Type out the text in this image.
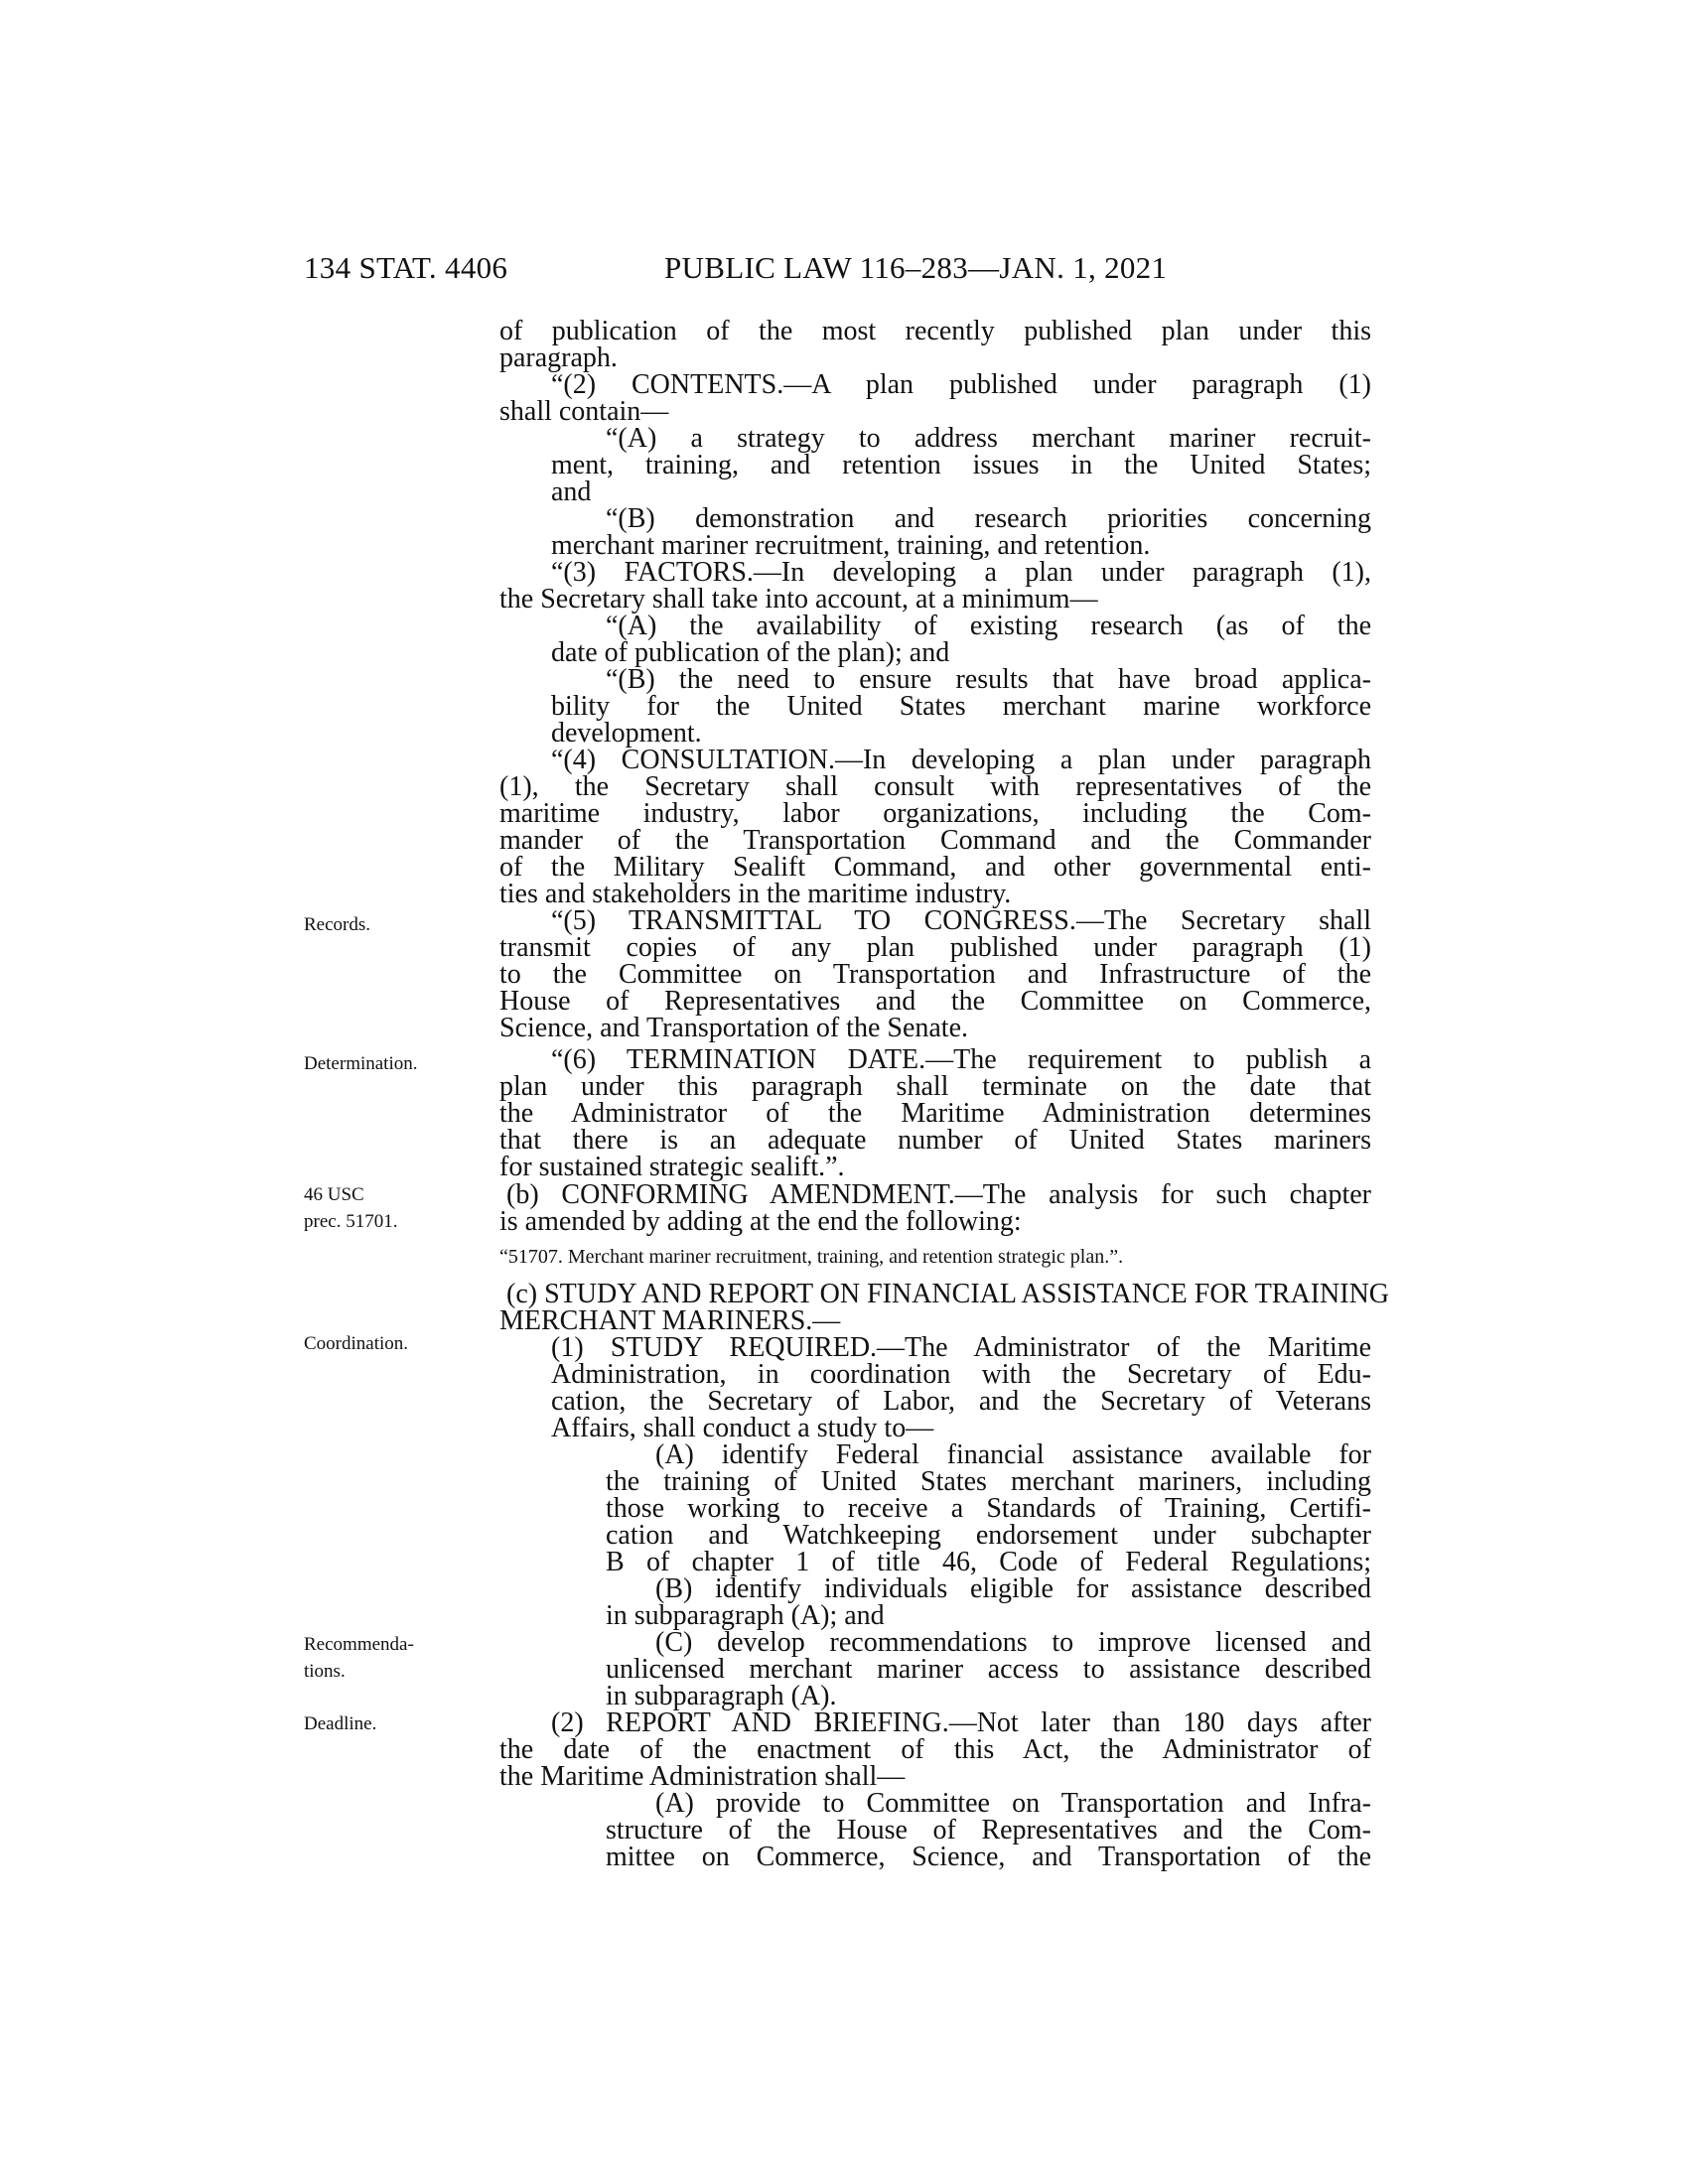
134 STAT. 4406	PUBLIC LAW 116–283—JAN. 1, 2021
Records.
Determination.
46 USC
prec. 51701.
Coordination.
Recommenda-
tions.
Deadline.
of publication of the most recently published plan under this
paragraph.
“(2) CONTENTS.—A plan published under paragraph (1)
shall contain—
“(A) a strategy to address merchant mariner recruit-
ment, training, and retention issues in the United States;
and
“(B) demonstration and research priorities concerning
merchant mariner recruitment, training, and retention.
“(3) FACTORS.—In developing a plan under paragraph (1),
the Secretary shall take into account, at a minimum—
“(A) the availability of existing research (as of the
date of publication of the plan); and
“(B) the need to ensure results that have broad applica-
bility for the United States merchant marine workforce
development.
“(4) CONSULTATION.—In developing a plan under paragraph
(1), the Secretary shall consult with representatives of the
maritime industry, labor organizations, including the Com-
mander of the Transportation Command and the Commander
of the Military Sealift Command, and other governmental enti-
ties and stakeholders in the maritime industry.
“(5) TRANSMITTAL TO CONGRESS.—The Secretary shall
transmit copies of any plan published under paragraph (1)
to the Committee on Transportation and Infrastructure of the
House of Representatives and the Committee on Commerce,
Science, and Transportation of the Senate.
“(6) TERMINATION DATE.—The requirement to publish a
plan under this paragraph shall terminate on the date that
the Administrator of the Maritime Administration determines
that there is an adequate number of United States mariners
for sustained strategic sealift.”.
(b) CONFORMING AMENDMENT.—The analysis for such chapter
is amended by adding at the end the following:
“51707. Merchant mariner recruitment, training, and retention strategic plan.”.
(c) STUDY AND REPORT ON FINANCIAL ASSISTANCE FOR TRAINING
MERCHANT MARINERS.—
(1) STUDY REQUIRED.—The Administrator of the Maritime
Administration, in coordination with the Secretary of Edu-
cation, the Secretary of Labor, and the Secretary of Veterans
Affairs, shall conduct a study to—
(A) identify Federal financial assistance available for
the training of United States merchant mariners, including
those working to receive a Standards of Training, Certifi-
cation and Watchkeeping endorsement under subchapter
B of chapter 1 of title 46, Code of Federal Regulations;
(B) identify individuals eligible for assistance described
in subparagraph (A); and
(C) develop recommendations to improve licensed and
unlicensed merchant mariner access to assistance described
in subparagraph (A).
(2) REPORT AND BRIEFING.—Not later than 180 days after
the date of the enactment of this Act, the Administrator of
the Maritime Administration shall—
(A) provide to Committee on Transportation and Infra-
structure of the House of Representatives and the Com-
mittee on Commerce, Science, and Transportation of the
